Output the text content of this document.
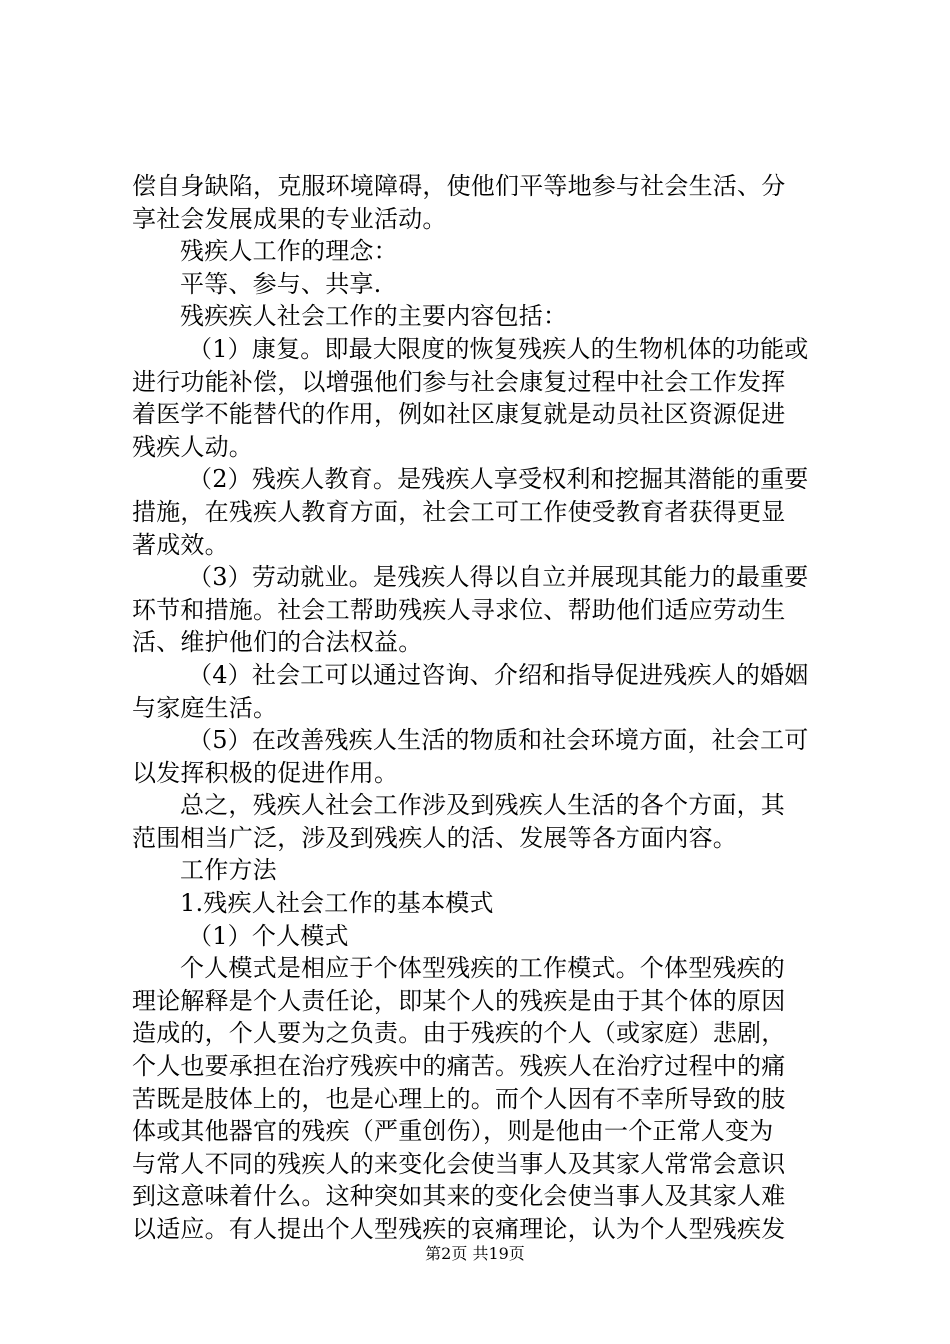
偿自身缺陷，克服环境障碍，使他们平等地参与社会生活、分
享社会发展成果的专业活动。
残疾人工作的理念：
平等、参与、共享.
残疾疾人社会工作的主要内容包括：
（1）康复。即最大限度的恢复残疾人的生物机体的功能或
进行功能补偿，以增强他们参与社会康复过程中社会工作发挥
着医学不能替代的作用，例如社区康复就是动员社区资源促进
残疾人动。
（2）残疾人教育。是残疾人享受权利和挖掘其潜能的重要
措施，在残疾人教育方面，社会工可工作使受教育者获得更显
著成效。
（3）劳动就业。是残疾人得以自立并展现其能力的最重要
环节和措施。社会工帮助残疾人寻求位、帮助他们适应劳动生
活、维护他们的合法权益。
（4）社会工可以通过咨询、介绍和指导促进残疾人的婚姻
与家庭生活。
（5）在改善残疾人生活的物质和社会环境方面，社会工可
以发挥积极的促进作用。
总之，残疾人社会工作涉及到残疾人生活的各个方面，其
范围相当广泛，涉及到残疾人的活、发展等各方面内容。
工作方法
1.残疾人社会工作的基本模式
（1）个人模式
个人模式是相应于个体型残疾的工作模式。个体型残疾的
理论解释是个人责任论，即某个人的残疾是由于其个体的原因
造成的，个人要为之负责。由于残疾的个人（或家庭）悲剧，
个人也要承担在治疗残疾中的痛苦。残疾人在治疗过程中的痛
苦既是肢体上的，也是心理上的。而个人因有不幸所导致的肢
体或其他器官的残疾（严重创伤），则是他由一个正常人变为
与常人不同的残疾人的来变化会使当事人及其家人常常会意识
到这意味着什么。这种突如其来的变化会使当事人及其家人难
以适应。有人提出个人型残疾的哀痛理论，认为个人型残疾发
第2页 共19页
